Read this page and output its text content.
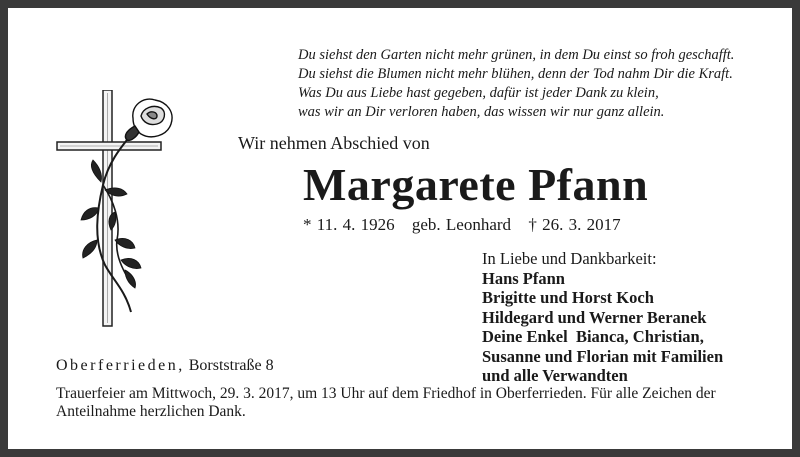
Du siehst den Garten nicht mehr grünen, in dem Du einst so froh geschafft.
Du siehst die Blumen nicht mehr blühen, denn der Tod nahm Dir die Kraft.
Was Du aus Liebe hast gegeben, dafür ist jeder Dank zu klein,
was wir an Dir verloren haben, das wissen wir nur ganz allein.
Wir nehmen Abschied von
Margarete Pfann
* 11. 4. 1926 geb. Leonhard † 26. 3. 2017
In Liebe und Dankbarkeit:
Hans Pfann
Brigitte und Horst Koch
Hildegard und Werner Beranek
Deine Enkel  Bianca, Christian,
Susanne und Florian mit Familien
und alle Verwandten
Oberferrieden, Borststraße 8
Trauerfeier am Mittwoch, 29. 3. 2017, um 13 Uhr auf dem Friedhof in Oberferrieden. Für alle Zeichen der Anteilnahme herzlichen Dank.
